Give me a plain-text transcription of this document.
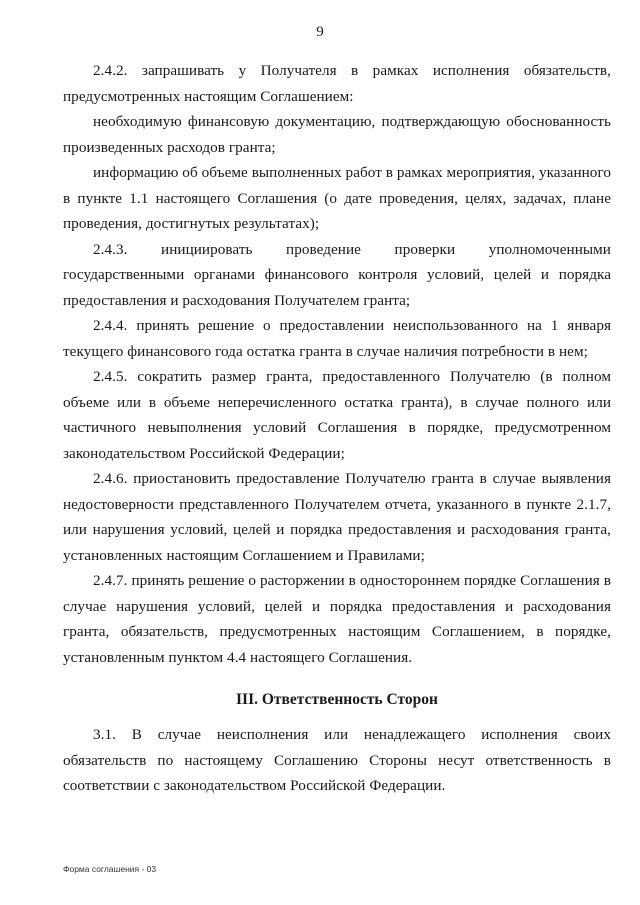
9

2.4.2. запрашивать у Получателя в рамках исполнения обязательств, предусмотренных настоящим Соглашением:

необходимую финансовую документацию, подтверждающую обоснованность произведенных расходов гранта;

информацию об объеме выполненных работ в рамках мероприятия, указанного в пункте 1.1 настоящего Соглашения (о дате проведения, целях, задачах, плане проведения, достигнутых результатах);

2.4.3. инициировать проведение проверки уполномоченными государственными органами финансового контроля условий, целей и порядка предоставления и расходования Получателем гранта;

2.4.4. принять решение о предоставлении неиспользованного на 1 января текущего финансового года остатка гранта в случае наличия потребности в нем;

2.4.5. сократить размер гранта, предоставленного Получателю (в полном объеме или в объеме неперечисленного остатка гранта), в случае полного или частичного невыполнения условий Соглашения в порядке, предусмотренном законодательством Российской Федерации;

2.4.6. приостановить предоставление Получателю гранта в случае выявления недостоверности представленного Получателем отчета, указанного в пункте 2.1.7, или нарушения условий, целей и порядка предоставления и расходования гранта, установленных настоящим Соглашением и Правилами;

2.4.7. принять решение о расторжении в одностороннем порядке Соглашения в случае нарушения условий, целей и порядка предоставления и расходования гранта, обязательств, предусмотренных настоящим Соглашением, в порядке, установленным пунктом 4.4 настоящего Соглашения.

III. Ответственность Сторон

3.1. В случае неисполнения или ненадлежащего исполнения своих обязательств по настоящему Соглашению Стороны несут ответственность в соответствии с законодательством Российской Федерации.

Форма соглашения - 03
